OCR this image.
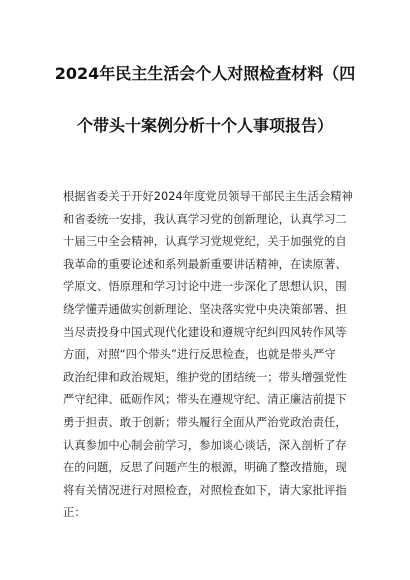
2024年民主生活会个人对照检查材料（四
个带头十案例分析十个人事项报告）
根据省委关于开好2024年度党员领导干部民主生活会精神
和省委统一安排，我认真学习党的创新理论，认真学习二
十届三中全会精神，认真学习党规党纪，关于加强党的自
我革命的重要论述和系列最新重要讲话精神，在读原著、
学原文、悟原理和学习讨论中进一步深化了思想认识，围
绕学懂弄通做实创新理论、坚决落实党中央决策部署、担
当尽责投身中国式现代化建设和遵规守纪纠四风转作风等
方面，对照“四个带头”进行反思检查，也就是带头严守
政治纪律和政治规矩，维护党的团结统一；带头增强党性
严守纪律、砥砺作风；带头在遵规守纪、清正廉洁前提下
勇于担责、敢于创新；带头履行全面从严治党政治责任，
认真参加中心制会前学习，参加谈心谈话，深入剖析了存
在的问题，反思了问题产生的根源，明确了整改措施，现
将有关情况进行对照检查，对照检查如下，请大家批评指
正：
